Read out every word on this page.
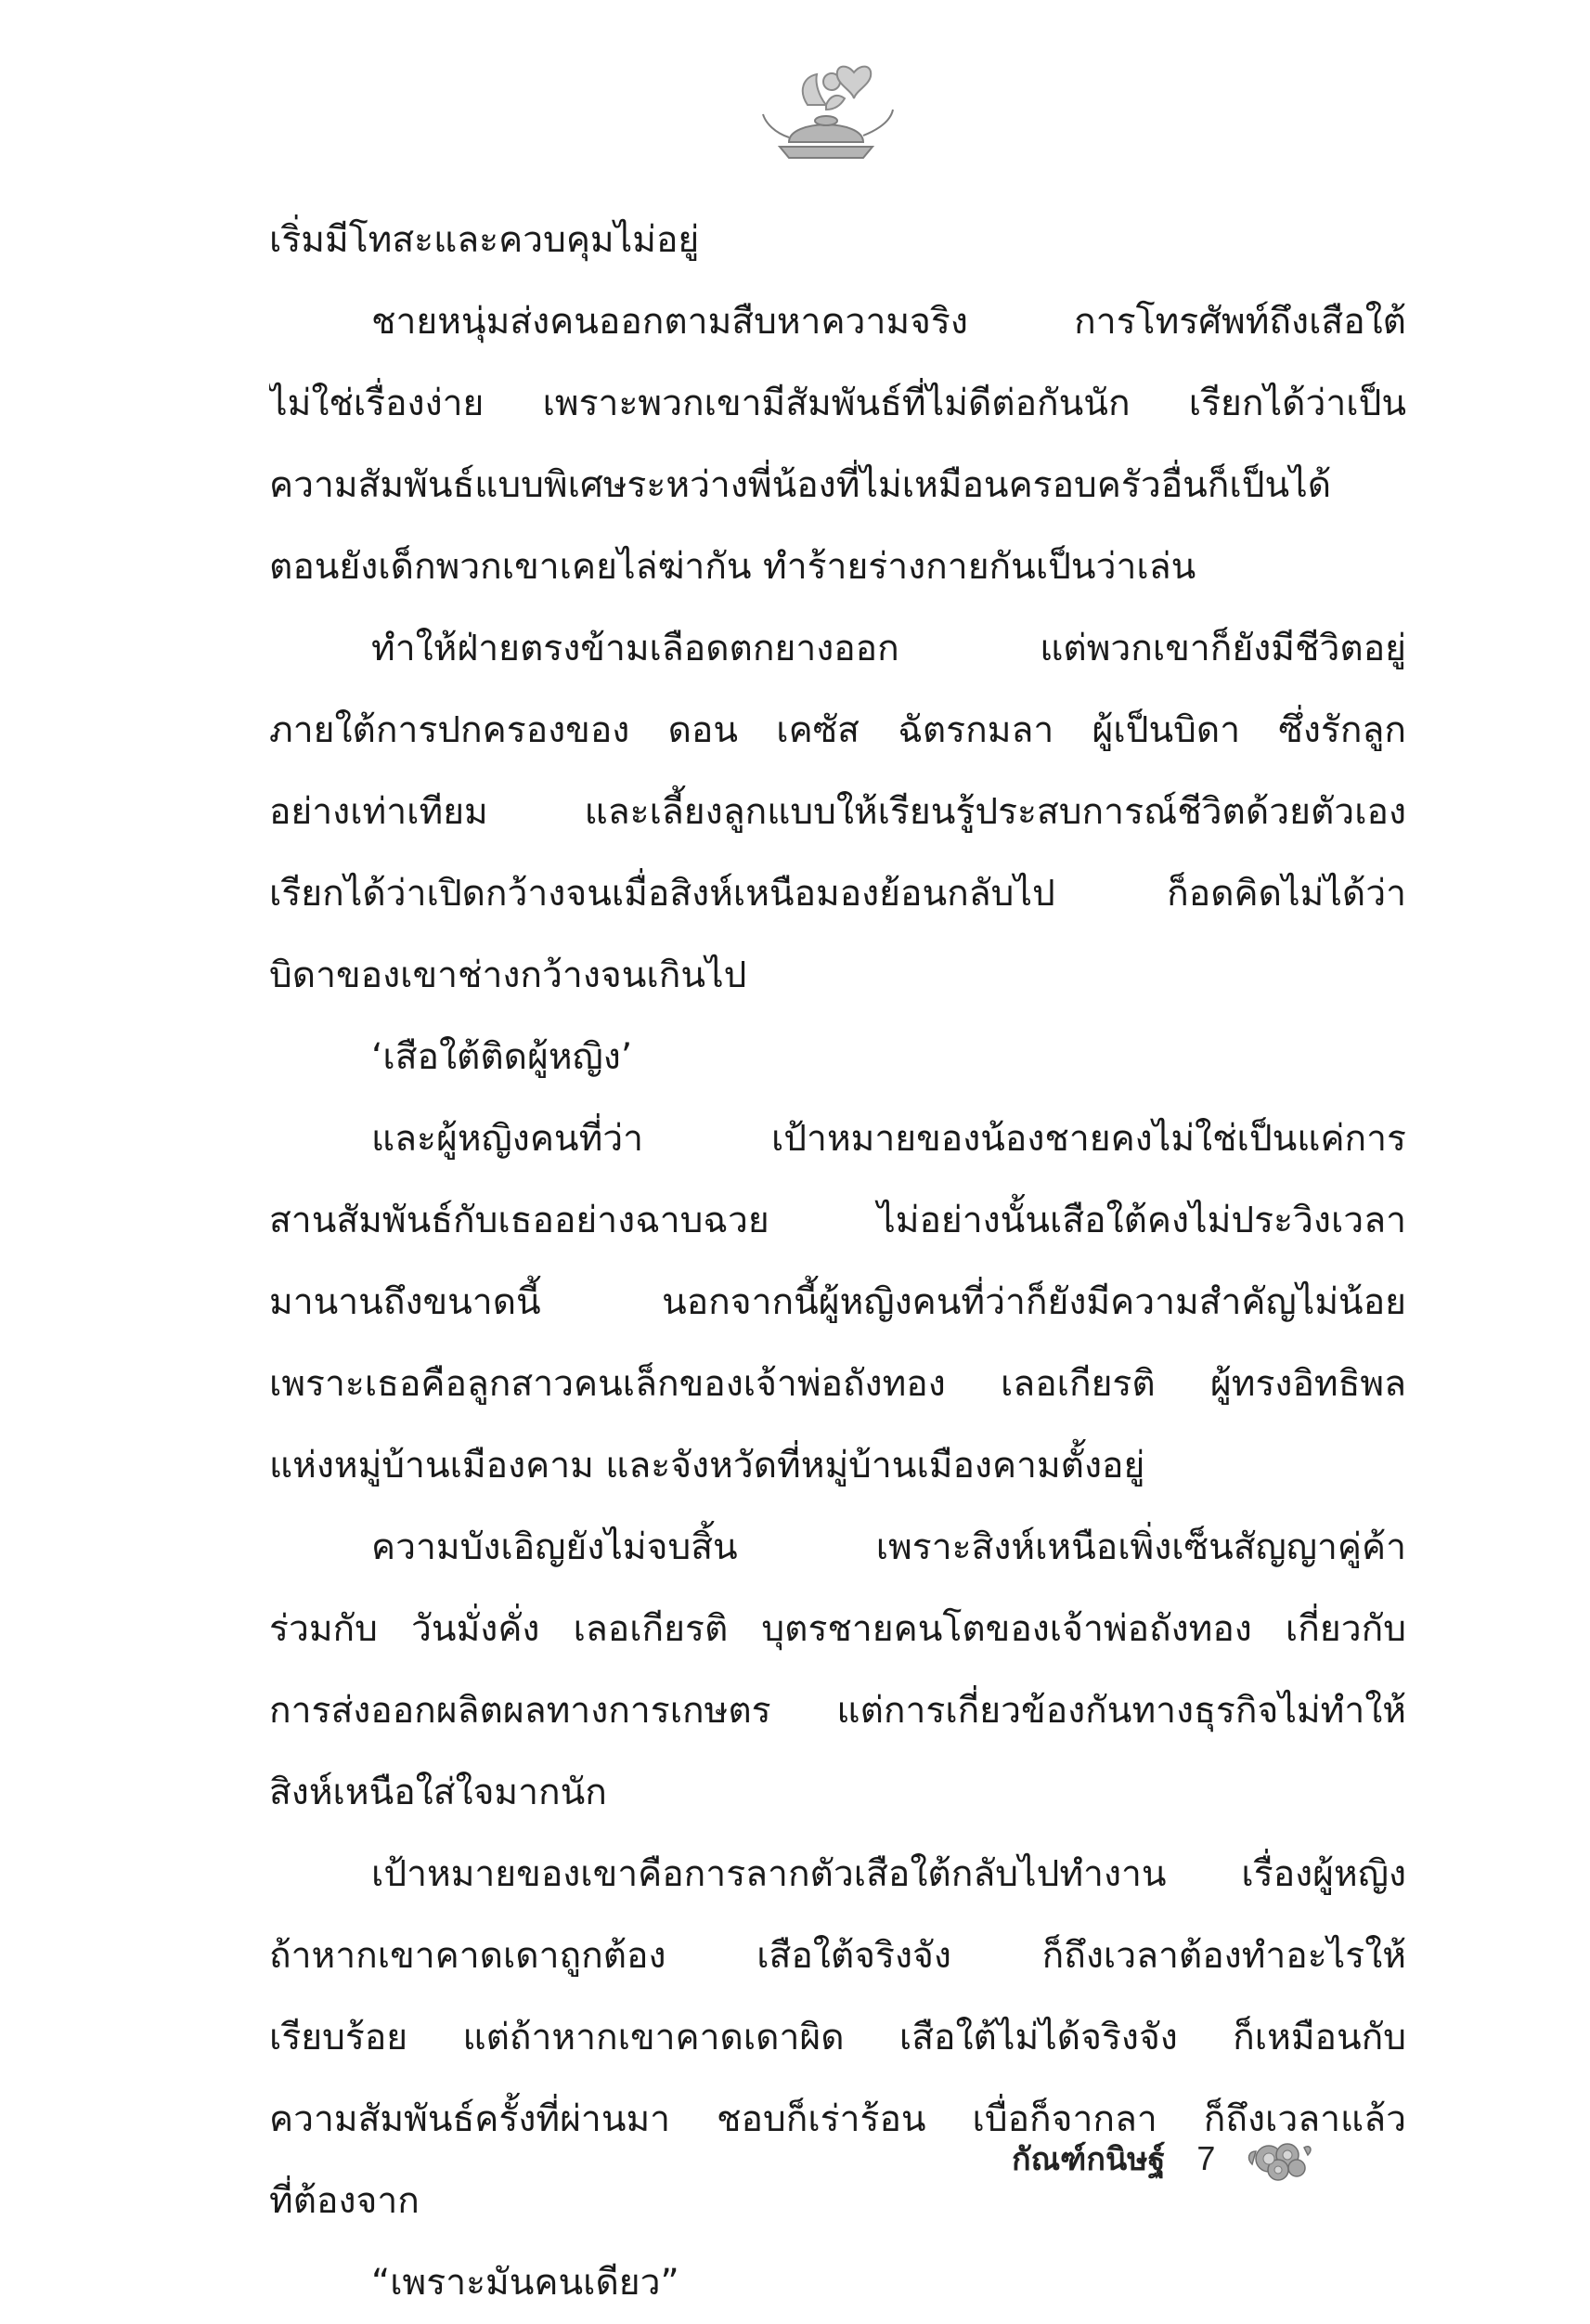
เริ่มมีโทสะและควบคุมไม่อยู่
ชายหนุ่มส่งคนออกตามสืบหาความจริง การโทรศัพท์ถึงเสือใต้
ไม่ใช่เรื่องง่าย เพราะพวกเขามีสัมพันธ์ที่ไม่ดีต่อกันนัก เรียกได้ว่าเป็น
ความสัมพันธ์แบบพิเศษระหว่างพี่น้องที่ไม่เหมือนครอบครัวอื่นก็เป็นได้
ตอนยังเด็กพวกเขาเคยไล่ฆ่ากัน ทำร้ายร่างกายกันเป็นว่าเล่น
ทำให้ฝ่ายตรงข้ามเลือดตกยางออก แต่พวกเขาก็ยังมีชีวิตอยู่
ภายใต้การปกครองของ ดอน เคซัส ฉัตรกมลา ผู้เป็นบิดา ซึ่งรักลูก
อย่างเท่าเทียม และเลี้ยงลูกแบบให้เรียนรู้ประสบการณ์ชีวิตด้วยตัวเอง
เรียกได้ว่าเปิดกว้างจนเมื่อสิงห์เหนือมองย้อนกลับไป ก็อดคิดไม่ได้ว่า
บิดาของเขาช่างกว้างจนเกินไป
‘เสือใต้ติดผู้หญิง’
และผู้หญิงคนที่ว่า เป้าหมายของน้องชายคงไม่ใช่เป็นแค่การ
สานสัมพันธ์กับเธออย่างฉาบฉวย ไม่อย่างนั้นเสือใต้คงไม่ประวิงเวลา
มานานถึงขนาดนี้ นอกจากนี้ผู้หญิงคนที่ว่าก็ยังมีความสำคัญไม่น้อย
เพราะเธอคือลูกสาวคนเล็กของเจ้าพ่อถังทอง เลอเกียรติ ผู้ทรงอิทธิพล
แห่งหมู่บ้านเมืองคาม และจังหวัดที่หมู่บ้านเมืองคามตั้งอยู่
ความบังเอิญยังไม่จบสิ้น เพราะสิงห์เหนือเพิ่งเซ็นสัญญาคู่ค้า
ร่วมกับ วันมั่งคั่ง เลอเกียรติ บุตรชายคนโตของเจ้าพ่อถังทอง เกี่ยวกับ
การส่งออกผลิตผลทางการเกษตร แต่การเกี่ยวข้องกันทางธุรกิจไม่ทำให้
สิงห์เหนือใส่ใจมากนัก
เป้าหมายของเขาคือการลากตัวเสือใต้กลับไปทำงาน เรื่องผู้หญิง
ถ้าหากเขาคาดเดาถูกต้อง เสือใต้จริงจัง ก็ถึงเวลาต้องทำอะไรให้
เรียบร้อย แต่ถ้าหากเขาคาดเดาผิด เสือใต้ไม่ได้จริงจัง ก็เหมือนกับ
ความสัมพันธ์ครั้งที่ผ่านมา ชอบก็เร่าร้อน เบื่อก็จากลา ก็ถึงเวลาแล้ว
ที่ต้องจาก
“เพราะมันคนเดียว”
กัณฑ์กนิษฐ์ 7
